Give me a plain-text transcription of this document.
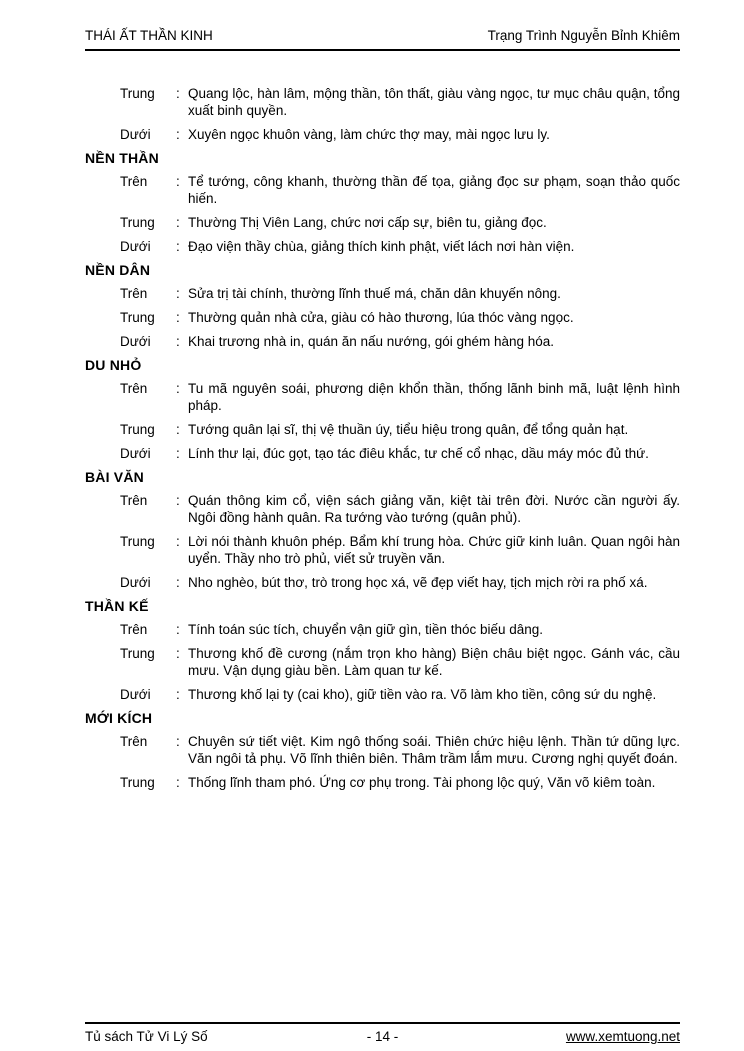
THÁI ẤT THẦN KINH	Trạng Trình Nguyễn Bỉnh Khiêm
Trung	: Quang lộc, hàn lâm, mộng thần, tôn thất, giàu vàng ngọc, tư mục châu quận, tổng xuất binh quyền.
Dưới	: Xuyên ngọc khuôn vàng, làm chức thợ may, mài ngọc lưu ly.
NỀN THẦN
Trên	: Tể tướng, công khanh, thường thần đế tọa, giảng đọc sư phạm, soạn thảo quốc hiến.
Trung	: Thường Thị Viên Lang, chức nơi cấp sự, biên tu, giảng đọc.
Dưới	: Đạo viện thầy chùa, giảng thích kinh phật, viết lách nơi hàn viện.
NỀN DÂN
Trên	: Sửa trị tài chính, thường lĩnh thuế má, chăn dân khuyến nông.
Trung	: Thường quản nhà cửa, giàu có hào thương, lúa thóc vàng ngọc.
Dưới	: Khai trương nhà in, quán ăn nấu nướng, gói ghém hàng hóa.
DU NHỎ
Trên	: Tu mã nguyên soái, phương diện khổn thần, thống lãnh binh mã, luật lệnh hình pháp.
Trung	: Tướng quân lại sĩ, thị vệ thuần úy, tiểu hiệu trong quân, để tổng quản hạt.
Dưới	: Lính thư lại, đúc gọt, tạo tác điêu khắc, tư chế cổ nhạc, dầu máy móc đủ thứ.
BÀI VĂN
Trên	: Quán thông kim cổ, viện sách giảng văn, kiệt tài trên đời. Nước cần người ấy. Ngôi đồng hành quân. Ra tướng vào tướng (quân phủ).
Trung	: Lời nói thành khuôn phép. Bẩm khí trung hòa. Chức giữ kinh luân. Quan ngôi hàn uyển. Thầy nho trò phủ, viết sử truyền văn.
Dưới	: Nho nghèo, bút thơ, trò trong học xá, vẽ đẹp viết hay, tịch mịch rời ra phố xá.
THẦN KẾ
Trên	: Tính toán súc tích, chuyển vận giữ gìn, tiền thóc biếu dâng.
Trung	: Thương khố đề cương (nắm trọn kho hàng) Biện châu biệt ngọc. Gánh vác, cầu mưu. Vận dụng giàu bền. Làm quan tư kế.
Dưới	: Thương khố lại ty (cai kho), giữ tiền vào ra. Võ làm kho tiền, công sứ du nghệ.
MỚI KÍCH
Trên	: Chuyên sứ tiết việt. Kim ngô thống soái. Thiên chức hiệu lệnh. Thần tứ dũng lực. Văn ngôi tả phụ. Võ lĩnh thiên biên. Thâm trầm lắm mưu. Cương nghị quyết đoán.
Trung	: Thống lĩnh tham phó. Ứng cơ phụ trong. Tài phong lộc quý, Văn võ kiêm toàn.
Tủ sách Tử Vi Lý Số	- 14 -	www.xemtuong.net
